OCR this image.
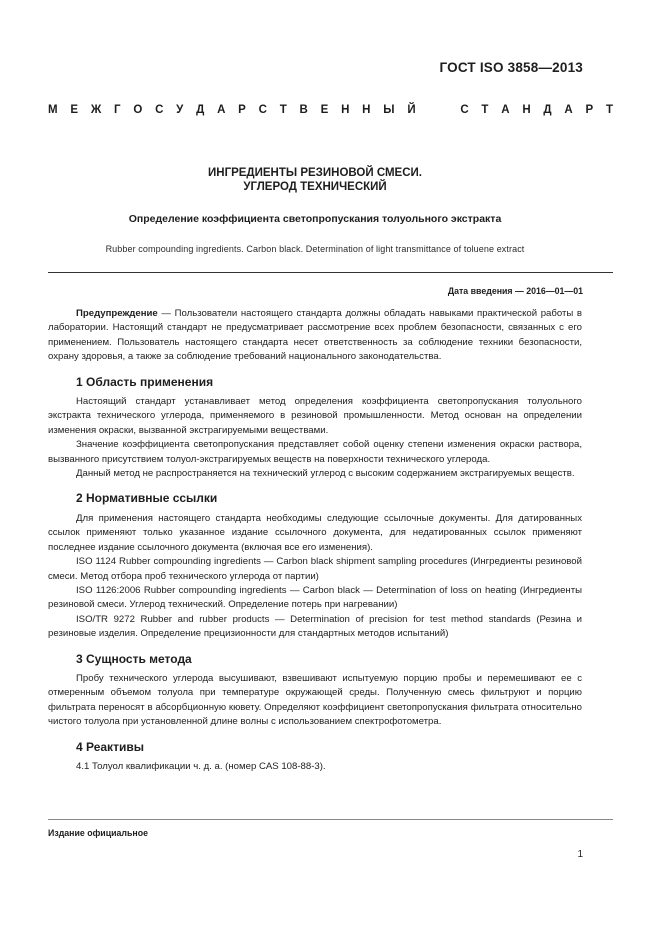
ГОСТ ISO 3858—2013

М Е Ж Г О С У Д А Р С Т В Е Н Н Ы Й

	С Т А Н Д А Р Т

ИНГРЕДИЕНТЫ РЕЗИНОВОЙ СМЕСИ.

УГЛЕРОД ТЕХНИЧЕСКИЙ

Определение коэффициента светопропускания толуольного экстракта

Rubber compounding ingredients. Carbon black. Determination of light transmittance of toluene extract

Дата введения — 2016—01—01

Предупреждение — Пользователи настоящего стандарта должны обладать навыками практической работы в лаборатории. Настоящий стандарт не предусматривает рассмотрение всех проблем безопасности, связанных с его применением. Пользователь настоящего стандарта несет ответственность за соблюдение техники безопасности, охрану здоровья, а также за соблюдение требований национального законодательства.

1 Область применения

Настоящий стандарт устанавливает метод определения коэффициента светопропускания толуольного экстракта технического углерода, применяемого в резиновой промышленности. Метод основан на определении изменения окраски, вызванной экстрагируемыми веществами.

Значение коэффициента светопропускания представляет собой оценку степени изменения окраски раствора, вызванного присутствием толуол-экстрагируемых веществ на поверхности технического углерода.

Данный метод не распространяется на технический углерод с высоким содержанием экстрагируемых веществ.

2 Нормативные ссылки

Для применения настоящего стандарта необходимы следующие ссылочные документы. Для датированных ссылок применяют только указанное издание ссылочного документа, для недатированных ссылок применяют последнее издание ссылочного документа (включая все его изменения).

ISO 1124 Rubber compounding ingredients — Carbon black shipment sampling procedures (Ингредиенты резиновой смеси. Метод отбора проб технического углерода от партии)

ISO 1126:2006 Rubber compounding ingredients — Carbon black — Determination of loss on heating (Ингредиенты резиновой смеси. Углерод технический. Определение потерь при нагревании)

ISO/TR 9272 Rubber and rubber products — Determination of precision for test method standards (Резина и резиновые изделия. Определение прецизионности для стандартных методов испытаний)

3 Сущность метода

Пробу технического углерода высушивают, взвешивают испытуемую порцию пробы и перемешивают ее с отмеренным объемом толуола при температуре окружающей среды. Полученную смесь фильтруют и порцию фильтрата переносят в абсорбционную кювету. Определяют коэффициент светопропускания фильтрата относительно чистого толуола при установленной длине волны с использованием спектрофотометра.

4 Реактивы

4.1 Толуол квалификации ч. д. а. (номер CAS 108-88-3).

Издание официальное
1
